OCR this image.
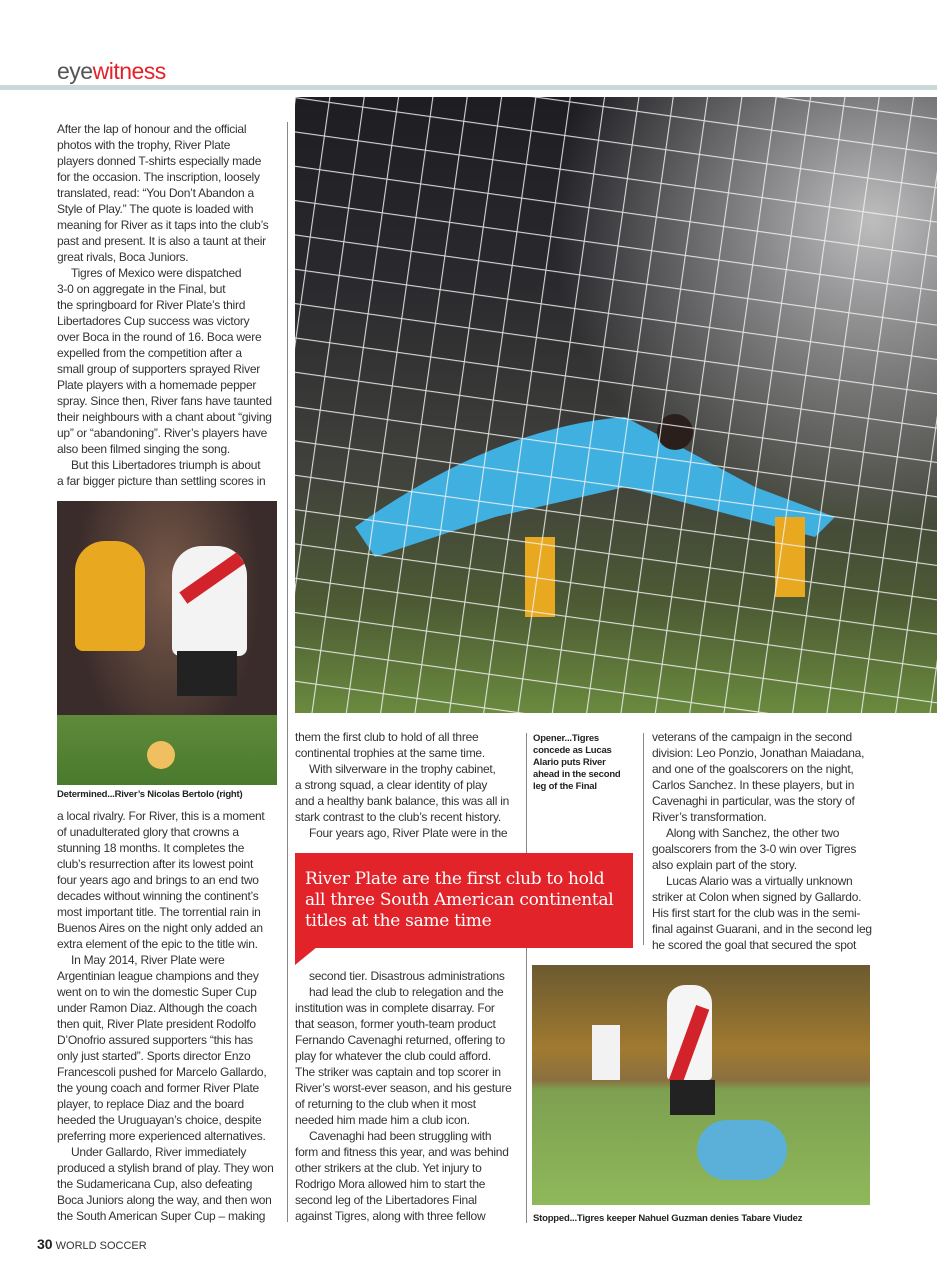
eyewitness
After the lap of honour and the official
photos with the trophy, River Plate
players donned T-shirts especially made
for the occasion. The inscription, loosely
translated, read: “You Don’t Abandon a
Style of Play.” The quote is loaded with
meaning for River as it taps into the club’s
past and present. It is also a taunt at their
great rivals, Boca Juniors.
Tigres of Mexico were dispatched
3-0 on aggregate in the Final, but
the springboard for River Plate’s third
Libertadores Cup success was victory
over Boca in the round of 16. Boca were
expelled from the competition after a
small group of supporters sprayed River
Plate players with a homemade pepper
spray. Since then, River fans have taunted
their neighbours with a chant about “giving
up” or “abandoning”. River’s players have
also been filmed singing the song.
But this Libertadores triumph is about
a far bigger picture than settling scores in
Determined...River’s Nicolas Bertolo (right)
a local rivalry. For River, this is a moment
of unadulterated glory that crowns a
stunning 18 months. It completes the
club’s resurrection after its lowest point
four years ago and brings to an end two
decades without winning the continent’s
most important title. The torrential rain in
Buenos Aires on the night only added an
extra element of the epic to the title win.
In May 2014, River Plate were
Argentinian league champions and they
went on to win the domestic Super Cup
under Ramon Diaz. Although the coach
then quit, River Plate president Rodolfo
D’Onofrio assured supporters “this has
only just started”. Sports director Enzo
Francescoli pushed for Marcelo Gallardo,
the young coach and former River Plate
player, to replace Diaz and the board
heeded the Uruguayan’s choice, despite
preferring more experienced alternatives.
Under Gallardo, River immediately
produced a stylish brand of play. They won
the Sudamericana Cup, also defeating
Boca Juniors along the way, and then won
the South American Super Cup – making
them the first club to hold of all three
continental trophies at the same time.
With silverware in the trophy cabinet,
a strong squad, a clear identity of play
and a healthy bank balance, this was all in
stark contrast to the club’s recent history.
Four years ago, River Plate were in the
Opener...Tigres
concede as Lucas
Alario puts River
ahead in the second
leg of the Final
veterans of the campaign in the second
division: Leo Ponzio, Jonathan Maiadana,
and one of the goalscorers on the night,
Carlos Sanchez. In these players, but in
Cavenaghi in particular, was the story of
River’s transformation.
Along with Sanchez, the other two
goalscorers from the 3-0 win over Tigres
also explain part of the story.
Lucas Alario was a virtually unknown
striker at Colon when signed by Gallardo.
His first start for the club was in the semi-
final against Guarani, and in the second leg
he scored the goal that secured the spot
River Plate are the first club to hold
all three South American continental
titles at the same time
second tier. Disastrous administrations
had lead the club to relegation and the
institution was in complete disarray. For
that season, former youth-team product
Fernando Cavenaghi returned, offering to
play for whatever the club could afford.
The striker was captain and top scorer in
River’s worst-ever season, and his gesture
of returning to the club when it most
needed him made him a club icon.
Cavenaghi had been struggling with
form and fitness this year, and was behind
other strikers at the club. Yet injury to
Rodrigo Mora allowed him to start the
second leg of the Libertadores Final
against Tigres, along with three fellow	Stopped...Tigres keeper Nahuel Guzman denies Tabare Viudez
30 WORLD SOCCER
